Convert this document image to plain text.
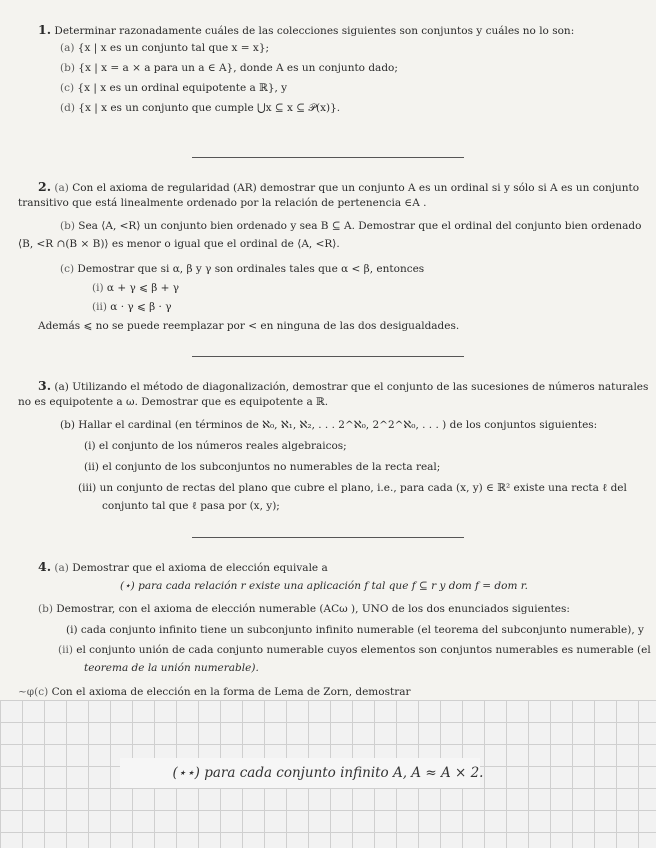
1. Determinar razonadamente cuáles de las colecciones siguientes son conjuntos y cuáles no lo son:
(a) {x | x es un conjunto tal que x = x};
(b) {x | x = a × a para un a ∈ A}, donde A es un conjunto dado;
(c) {x | x es un ordinal equipotente a ℝ}, y
(d) {x | x es un conjunto que cumple ⋃x ⊆ x ⊆ 𝒫(x)}.
2. (a) Con el axioma de regularidad (AR) demostrar que un conjunto A es un ordinal si y sólo si A es un conjunto
transitivo que está linealmente ordenado por la relación de pertenencia ∈A .
(b) Sea ⟨A, <R⟩ un conjunto bien ordenado y sea B ⊆ A. Demostrar que el ordinal del conjunto bien ordenado
⟨B, <R ∩(B × B)⟩ es menor o igual que el ordinal de ⟨A, <R⟩.
(c) Demostrar que si α, β y γ son ordinales tales que α < β, entonces
(i) α + γ ⩽ β + γ
(ii) α · γ ⩽ β · γ
Además ⩽ no se puede reemplazar por < en ninguna de las dos desigualdades.
3. (a) Utilizando el método de diagonalización, demostrar que el conjunto de las sucesiones de números naturales
no es equipotente a ω. Demostrar que es equipotente a ℝ.
(b) Hallar el cardinal (en términos de ℵ₀, ℵ₁, ℵ₂, . . . 2^ℵ₀, 2^2^ℵ₀, . . . ) de los conjuntos siguientes:
(i) el conjunto de los números reales algebraicos;
(ii) el conjunto de los subconjuntos no numerables de la recta real;
(iii) un conjunto de rectas del plano que cubre el plano, i.e., para cada (x, y) ∈ ℝ² existe una recta ℓ del
conjunto tal que ℓ pasa por (x, y);
4. (a) Demostrar que el axioma de elección equivale a
(⋆) para cada relación r existe una aplicación f tal que f ⊆ r y dom f = dom r.
(b) Demostrar, con el axioma de elección numerable (ACω ), UNO de los dos enunciados siguientes:
(i) cada conjunto infinito tiene un subconjunto infinito numerable (el teorema del subconjunto numerable), y
(ii) el conjunto unión de cada conjunto numerable cuyos elementos son conjuntos numerables es numerable (el
teorema de la unión numerable).
~φ(c) Con el axioma de elección en la forma de Lema de Zorn, demostrar
(⋆⋆) para cada conjunto infinito A, A ≈ A × 2.
